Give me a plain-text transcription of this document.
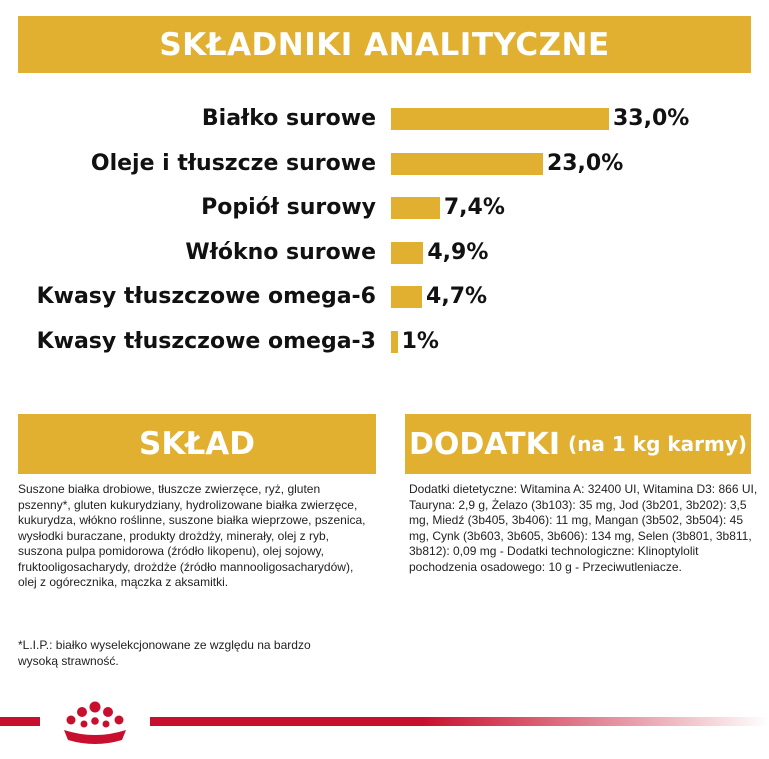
SKŁADNIKI ANALITYCZNE
Białko surowe	33,0%
Oleje i tłuszcze surowe	23,0%
Popiół surowy	7,4%
Włókno surowe 4,9%
Kwasy tłuszczowe omega-6 4,7%
Kwasy tłuszczowe omega-3 1%
SKŁAD	DODATKI (na 1 kg karmy)
Suszone białka drobiowe, tłuszcze zwierzęce, ryż, gluten pszenny*, gluten kukurydziany, hydrolizowane białka zwierzęce, kukurydza, włókno roślinne, suszone białka wieprzowe, pszenica, wysłodki buraczane, produkty drożdży, minerały, olej z ryb, suszona pulpa pomidorowa (źródło likopenu), olej sojowy, fruktooligosacharydy, drożdże (źródło mannooligosacharydów), olej z ogórecznika, mączka z aksamitki.
*L.I.P.: białko wyselekcjonowane ze względu na bardzo wysoką strawność.
Dodatki dietetyczne: Witamina A: 32400 UI, Witamina D3: 866 UI, Tauryna: 2,9 g, Żelazo (3b103): 35 mg, Jod (3b201, 3b202): 3,5 mg, Miedź (3b405, 3b406): 11 mg, Mangan (3b502, 3b504): 45 mg, Cynk (3b603, 3b605, 3b606): 134 mg, Selen (3b801, 3b811, 3b812): 0,09 mg - Dodatki technologiczne: Klinoptylolit pochodzenia osadowego: 10 g - Przeciwutleniacze.
